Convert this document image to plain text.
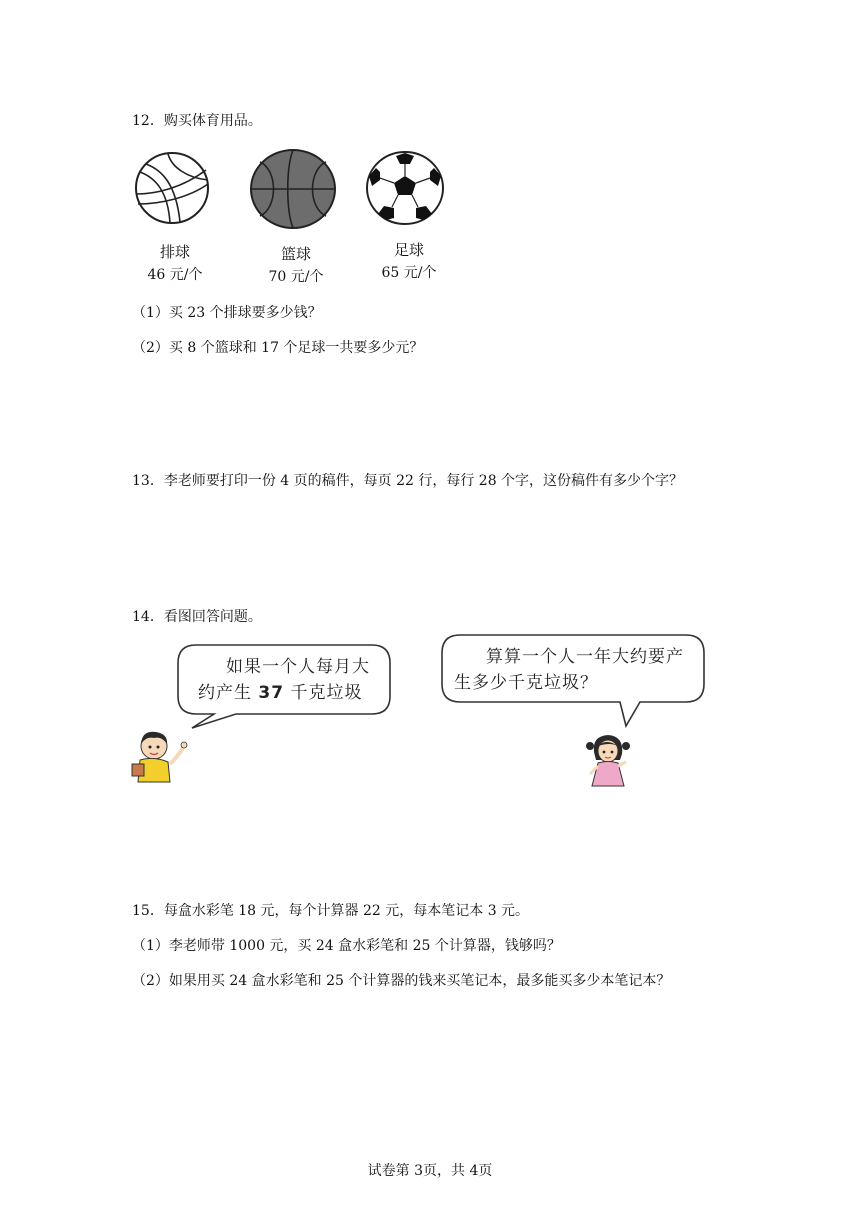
12．购买体育用品。
排球
46 元/个
篮球
70 元/个
足球
65 元/个
（1）买 23 个排球要多少钱？
（2）买 8 个篮球和 17 个足球一共要多少元？
13．李老师要打印一份 4 页的稿件，每页 22 行，每行 28 个字，这份稿件有多少个字？
14．看图回答问题。
如果一个人每月大
约产生 37 千克垃圾
算算一个人一年大约要产
生多少千克垃圾？
15．每盒水彩笔 18 元，每个计算器 22 元，每本笔记本 3 元。
（1）李老师带 1000 元，买 24 盒水彩笔和 25 个计算器，钱够吗？
（2）如果用买 24 盒水彩笔和 25 个计算器的钱来买笔记本，最多能买多少本笔记本？
试卷第 3页，共 4页
